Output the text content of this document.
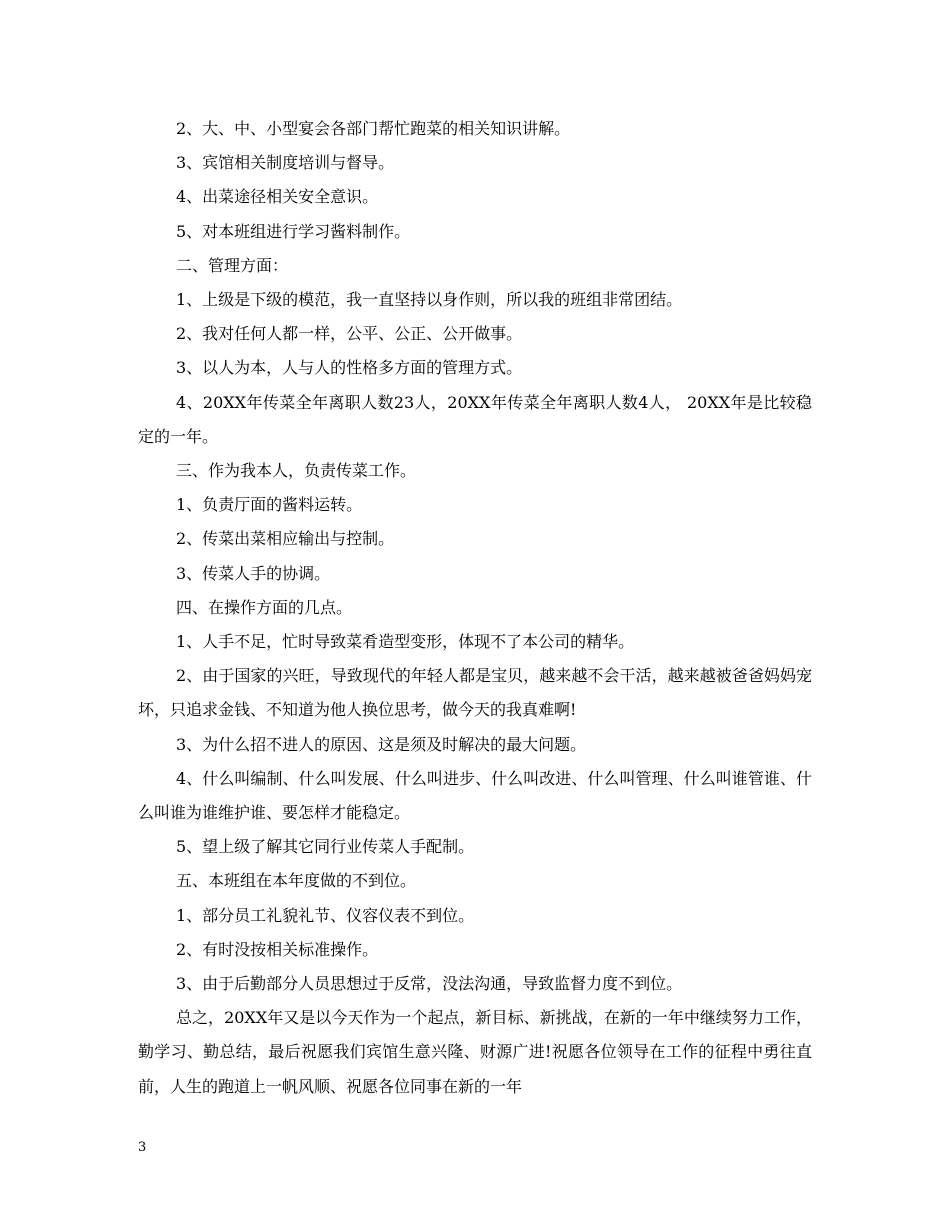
2、大、中、小型宴会各部门帮忙跑菜的相关知识讲解。

3、宾馆相关制度培训与督导。

4、出菜途径相关安全意识。

5、对本班组进行学习酱料制作。

二、管理方面：

1、上级是下级的模范，我一直坚持以身作则，所以我的班组非常团结。

2、我对任何人都一样，公平、公正、公开做事。

3、以人为本，人与人的性格多方面的管理方式。

4、20XX年传菜全年离职人数23人，20XX年传菜全年离职人数4人， 20XX年是比较稳定的一年。

三、作为我本人，负责传菜工作。

1、负责厅面的酱料运转。

2、传菜出菜相应输出与控制。

3、传菜人手的协调。

四、在操作方面的几点。

1、人手不足，忙时导致菜肴造型变形，体现不了本公司的精华。

2、由于国家的兴旺，导致现代的年轻人都是宝贝，越来越不会干活，越来越被爸爸妈妈宠坏，只追求金钱、不知道为他人换位思考，做今天的我真难啊!

3、为什么招不进人的原因、这是须及时解决的最大问题。

4、什么叫编制、什么叫发展、什么叫进步、什么叫改进、什么叫管理、什么叫谁管谁、什么叫谁为谁维护谁、要怎样才能稳定。

5、望上级了解其它同行业传菜人手配制。

五、本班组在本年度做的不到位。

1、部分员工礼貌礼节、仪容仪表不到位。

2、有时没按相关标准操作。

3、由于后勤部分人员思想过于反常，没法沟通，导致监督力度不到位。

总之，20XX年又是以今天作为一个起点，新目标、新挑战，在新的一年中继续努力工作，勤学习、勤总结，最后祝愿我们宾馆生意兴隆、财源广进!祝愿各位领导在工作的征程中勇往直前，人生的跑道上一帆风顺、祝愿各位同事在新的一年

3
